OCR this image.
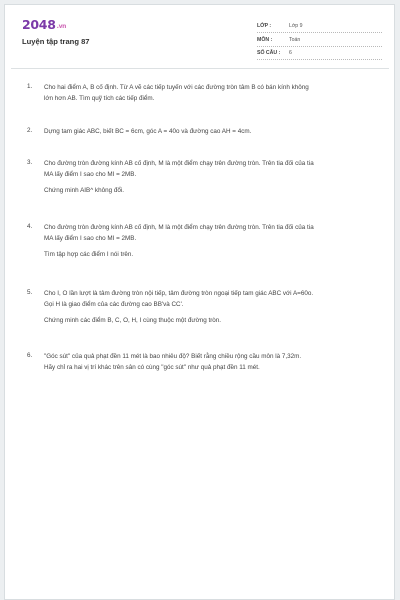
2048.vn
Luyện tập trang 87
LỚP :	Lớp 9
MÔN :	Toán
SỐ CÂU : 6
1. Cho hai điểm A, B cố định. Từ A vẽ các tiếp tuyến với các đường tròn tâm B có bán kính không
lớn hơn AB. Tìm quỹ tích các tiếp điểm.
2. Dựng tam giác ABC, biết BC = 6cm, góc A = 40o và đường cao AH = 4cm.
3. Cho đường tròn đường kính AB cố định, M là một điểm chạy trên đường tròn. Trên tia đối của tia
MA lấy điểm I sao cho MI = 2MB.
Chứng minh AIB^ không đổi.
4. Cho đường tròn đường kính AB cố định, M là một điểm chạy trên đường tròn. Trên tia đối của tia
MA lấy điểm I sao cho MI = 2MB.
Tìm tập hợp các điểm I nói trên.
5. Cho I, O lần lượt là tâm đường tròn nội tiếp, tâm đường tròn ngoại tiếp tam giác ABC với A=60o.
Gọi H là giao điểm của các đường cao BB'và CC'.
Chứng minh các điểm B, C, O, H, I cùng thuộc một đường tròn.
6. "Góc sút" của quả phạt đền 11 mét là bao nhiêu độ? Biết rằng chiều rộng cầu môn là 7,32m.
Hãy chỉ ra hai vị trí khác trên sân có cùng "góc sút" như quả phạt đền 11 mét.
